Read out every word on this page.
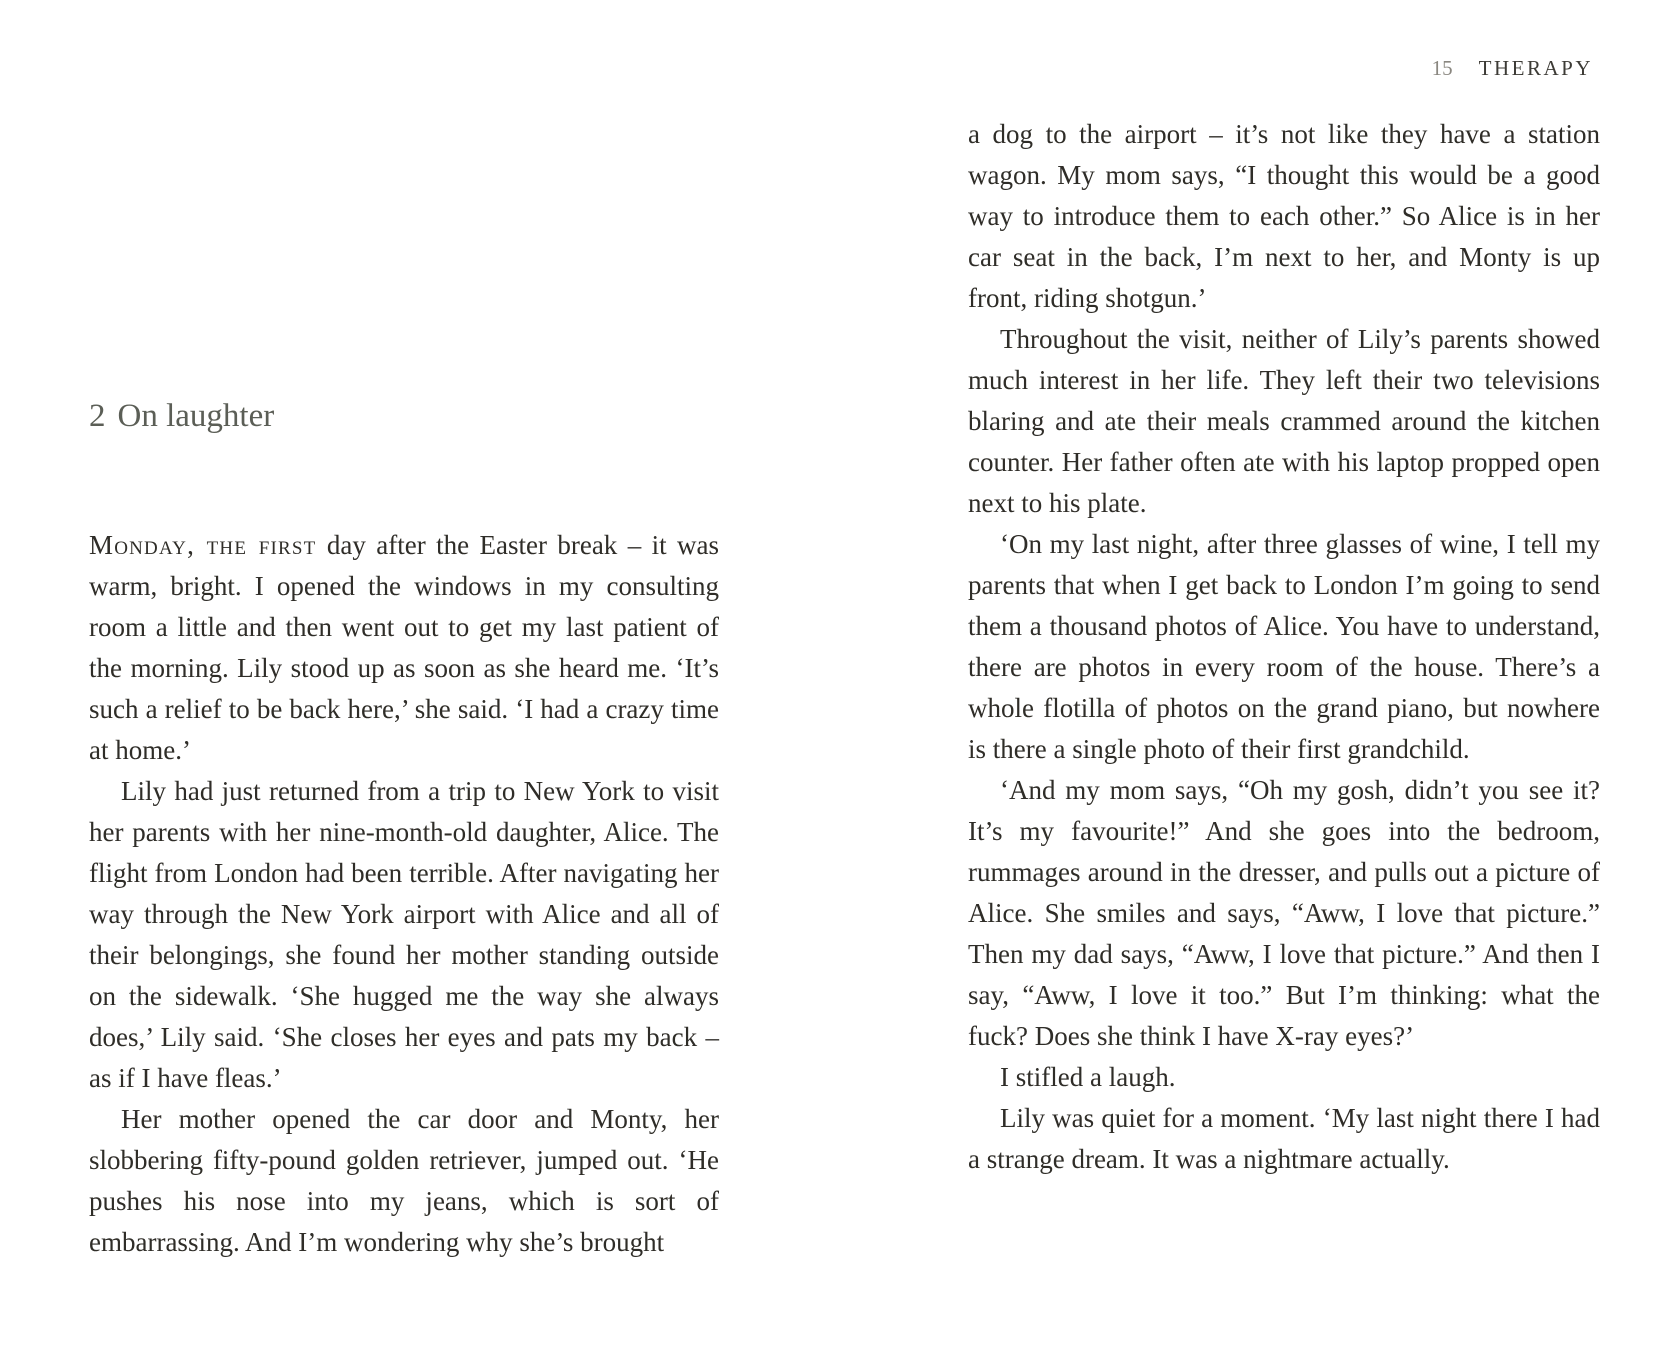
2 On laughter

Monday, the first day after the Easter break – it was warm, bright. I opened the windows in my consulting room a little and then went out to get my last patient of the morning. Lily stood up as soon as she heard me. ‘It’s such a relief to be back here,’ she said. ‘I had a crazy time at home.’

Lily had just returned from a trip to New York to visit her parents with her nine-month-old daughter, Alice. The flight from London had been terrible. After navigating her way through the New York airport with Alice and all of their belongings, she found her mother standing outside on the sidewalk. ‘She hugged me the way she always does,’ Lily said. ‘She closes her eyes and pats my back – as if I have fleas.’

Her mother opened the car door and Monty, her slobbering fifty-pound golden retriever, jumped out. ‘He pushes his nose into my jeans, which is sort of embarrassing. And I’m wondering why she’s brought

15 THERAPY

a dog to the airport – it’s not like they have a station wagon. My mom says, “I thought this would be a good way to introduce them to each other.” So Alice is in her car seat in the back, I’m next to her, and Monty is up front, riding shotgun.’

Throughout the visit, neither of Lily’s parents showed much interest in her life. They left their two televisions blaring and ate their meals crammed around the kitchen counter. Her father often ate with his laptop propped open next to his plate.

‘On my last night, after three glasses of wine, I tell my parents that when I get back to London I’m going to send them a thousand photos of Alice. You have to understand, there are photos in every room of the house. There’s a whole flotilla of photos on the grand piano, but nowhere is there a single photo of their first grandchild.

‘And my mom says, “Oh my gosh, didn’t you see it? It’s my favourite!” And she goes into the bedroom, rummages around in the dresser, and pulls out a picture of Alice. She smiles and says, “Aww, I love that picture.” Then my dad says, “Aww, I love that picture.” And then I say, “Aww, I love it too.” But I’m thinking: what the fuck? Does she think I have X-ray eyes?’

I stifled a laugh.

Lily was quiet for a moment. ‘My last night there I had a strange dream. It was a nightmare actually.
